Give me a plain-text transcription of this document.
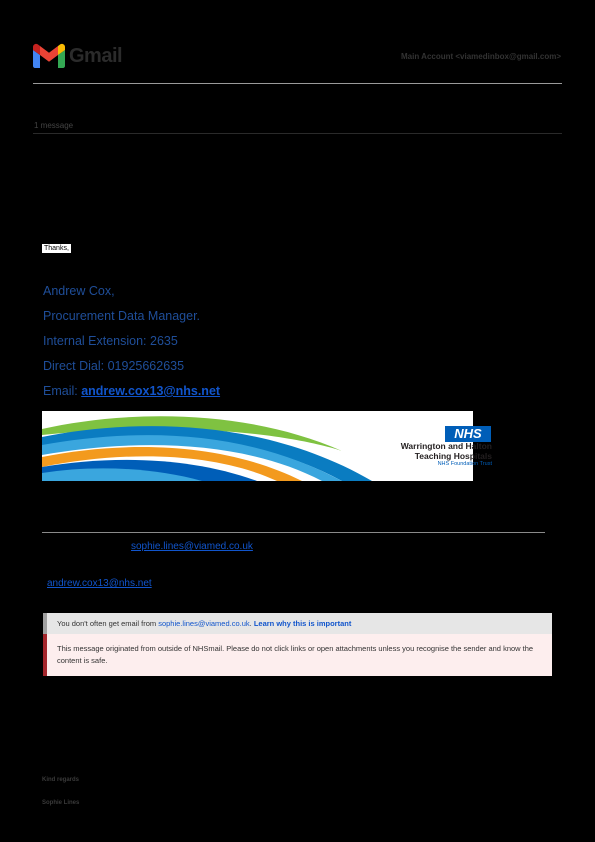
Gmail	Main Account <viamedinbox@gmail.com>
1 message
Thanks,
Andrew Cox,
Procurement Data Manager.
Internal Extension: 2635
Direct Dial: 01925662635
Email: andrew.cox13@nhs.net
NHS
Warrington and Halton
Teaching Hospitals
NHS Foundation Trust
sophie.lines@viamed.co.uk
andrew.cox13@nhs.net
You don't often get email from sophie.lines@viamed.co.uk. Learn why this is important
This message originated from outside of NHSmail. Please do not click links or open attachments unless you recognise the sender and know the content is safe.
Kind regards
Sophie Lines
